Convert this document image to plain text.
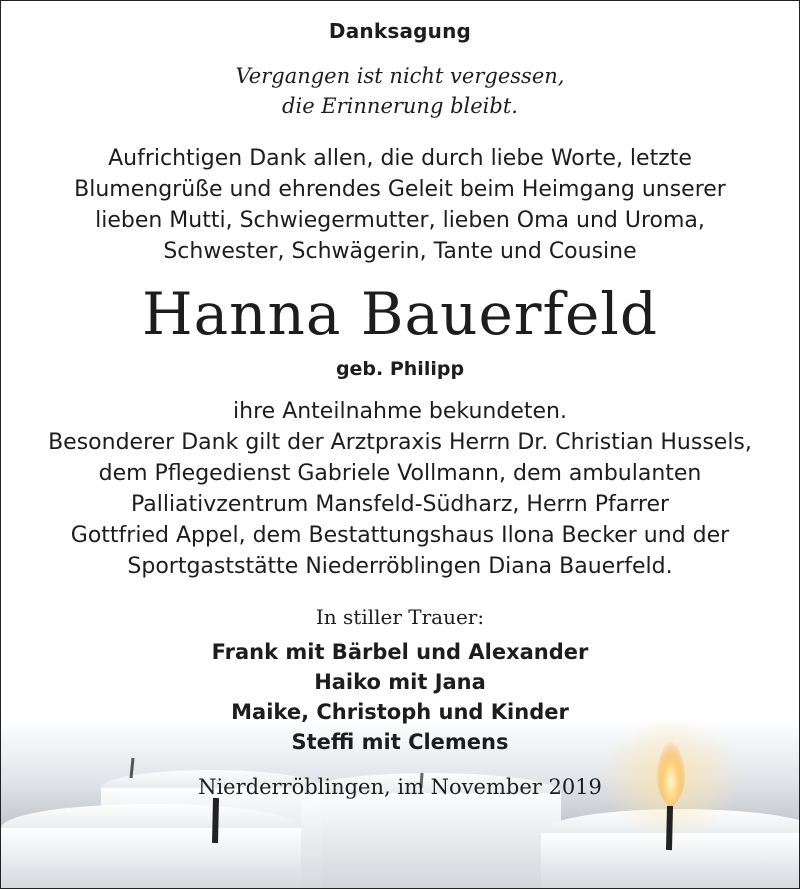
Danksagung
Vergangen ist nicht vergessen,
die Erinnerung bleibt.
Aufrichtigen Dank allen, die durch liebe Worte, letzte
Blumengrüße und ehrendes Geleit beim Heimgang unserer
lieben Mutti, Schwiegermutter, lieben Oma und Uroma,
Schwester, Schwägerin, Tante und Cousine
Hanna Bauerfeld
geb. Philipp
ihre Anteilnahme bekundeten.
Besonderer Dank gilt der Arztpraxis Herrn Dr. Christian Hussels,
dem Pflegedienst Gabriele Vollmann, dem ambulanten
Palliativzentrum Mansfeld-Südharz, Herrn Pfarrer
Gottfried Appel, dem Bestattungshaus Ilona Becker und der
Sportgaststätte Niederröblingen Diana Bauerfeld.
In stiller Trauer:
Frank mit Bärbel und Alexander
Haiko mit Jana
Maike, Christoph und Kinder
Steffi mit Clemens
Nierderröblingen, im November 2019
